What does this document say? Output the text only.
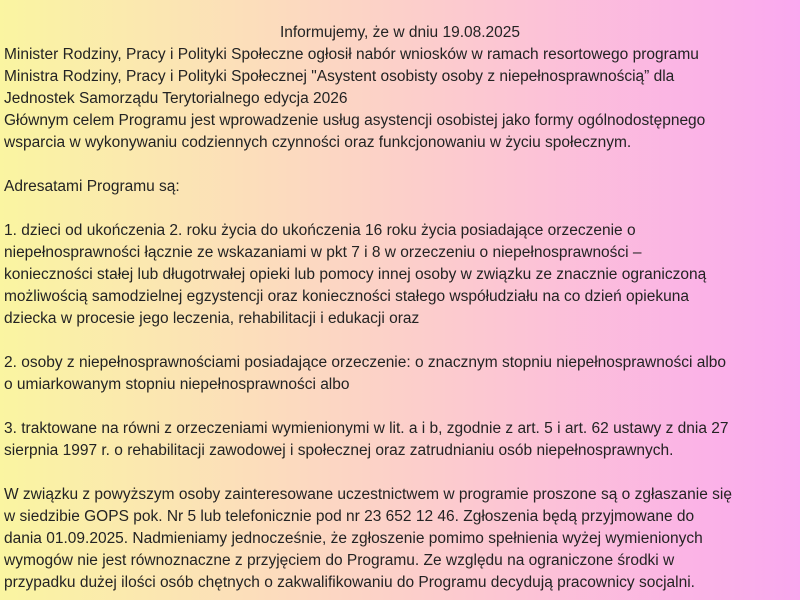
Informujemy, że w dniu 19.08.2025
Minister Rodziny, Pracy i Polityki Społeczne ogłosił nabór wniosków w ramach resortowego programu
Ministra Rodziny, Pracy i Polityki Społecznej "Asystent osobisty osoby z niepełnosprawnością” dla
Jednostek Samorządu Terytorialnego edycja 2026
Głównym celem Programu jest wprowadzenie usług asystencji osobistej jako formy ogólnodostępnego
wsparcia w wykonywaniu codziennych czynności oraz funkcjonowaniu w życiu społecznym.
Adresatami Programu są:
1. dzieci od ukończenia 2. roku życia do ukończenia 16 roku życia posiadające orzeczenie o
niepełnosprawności łącznie ze wskazaniami w pkt 7 i 8 w orzeczeniu o niepełnosprawności –
konieczności stałej lub długotrwałej opieki lub pomocy innej osoby w związku ze znacznie ograniczoną
możliwością samodzielnej egzystencji oraz konieczności stałego współudziału na co dzień opiekuna
dziecka w procesie jego leczenia, rehabilitacji i edukacji oraz
2. osoby z niepełnosprawnościami posiadające orzeczenie: o znacznym stopniu niepełnosprawności albo
o umiarkowanym stopniu niepełnosprawności albo
3. traktowane na równi z orzeczeniami wymienionymi w lit. a i b, zgodnie z art. 5 i art. 62 ustawy z dnia 27
sierpnia 1997 r. o rehabilitacji zawodowej i społecznej oraz zatrudnianiu osób niepełnosprawnych.
W związku z powyższym osoby zainteresowane uczestnictwem w programie proszone są o zgłaszanie się
w siedzibie GOPS pok. Nr 5 lub telefonicznie pod nr 23 652 12 46. Zgłoszenia będą przyjmowane do
dania 01.09.2025. Nadmieniamy jednocześnie, że zgłoszenie pomimo spełnienia wyżej wymienionych
wymogów nie jest równoznaczne z przyjęciem do Programu. Ze względu na ograniczone środki w
przypadku dużej ilości osób chętnych o zakwalifikowaniu do Programu decydują pracownicy socjalni.
